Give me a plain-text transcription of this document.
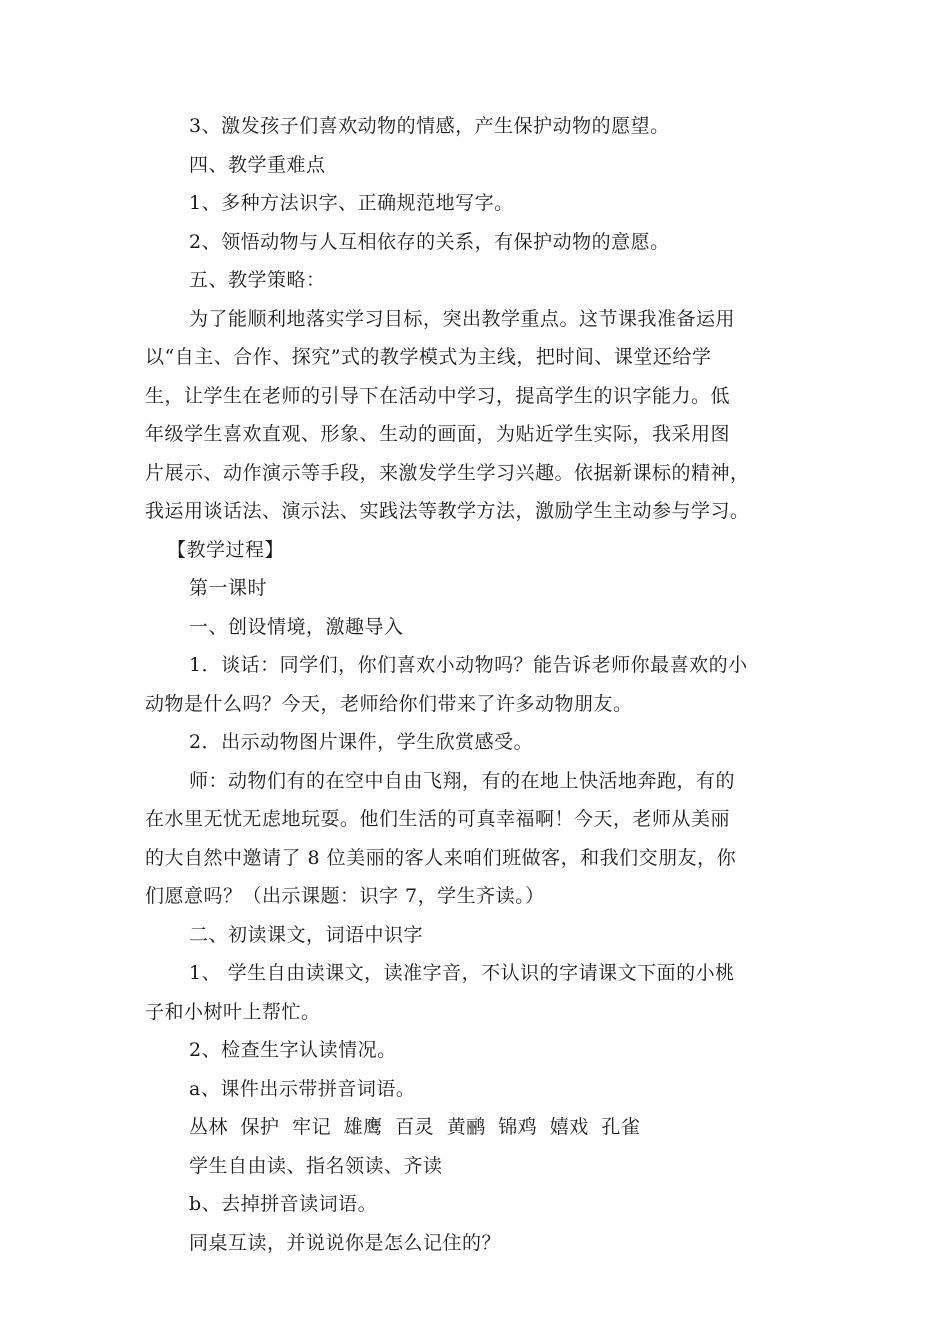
3、激发孩子们喜欢动物的情感，产生保护动物的愿望。

四、教学重难点

1、多种方法识字、正确规范地写字。

2、领悟动物与人互相依存的关系，有保护动物的意愿。

五、教学策略：

为了能顺利地落实学习目标，突出教学重点。这节课我准备运用

以“自主、合作、探究”式的教学模式为主线，把时间、课堂还给学

生，让学生在老师的引导下在活动中学习，提高学生的识字能力。低

年级学生喜欢直观、形象、生动的画面，为贴近学生实际，我采用图

片展示、动作演示等手段，来激发学生学习兴趣。依据新课标的精神，

我运用谈话法、演示法、实践法等教学方法，激励学生主动参与学习。

【教学过程】

第一课时

一、创设情境，激趣导入

1．谈话：同学们，你们喜欢小动物吗？能告诉老师你最喜欢的小

动物是什么吗？今天，老师给你们带来了许多动物朋友。

2．出示动物图片课件，学生欣赏感受。

师：动物们有的在空中自由飞翔，有的在地上快活地奔跑，有的

在水里无忧无虑地玩耍。他们生活的可真幸福啊！今天，老师从美丽

的大自然中邀请了 8 位美丽的客人来咱们班做客，和我们交朋友，你

们愿意吗？（出示课题：识字 7，学生齐读。）

二、初读课文，词语中识字

1、 学生自由读课文，读准字音，不认识的字请课文下面的小桃

子和小树叶上帮忙。

2、检查生字认读情况。

a、课件出示带拼音词语。

丛林 保护 牢记 雄鹰 百灵 黄鹂 锦鸡 嬉戏 孔雀

学生自由读、指名领读、齐读

b、去掉拼音读词语。

同桌互读，并说说你是怎么记住的？
